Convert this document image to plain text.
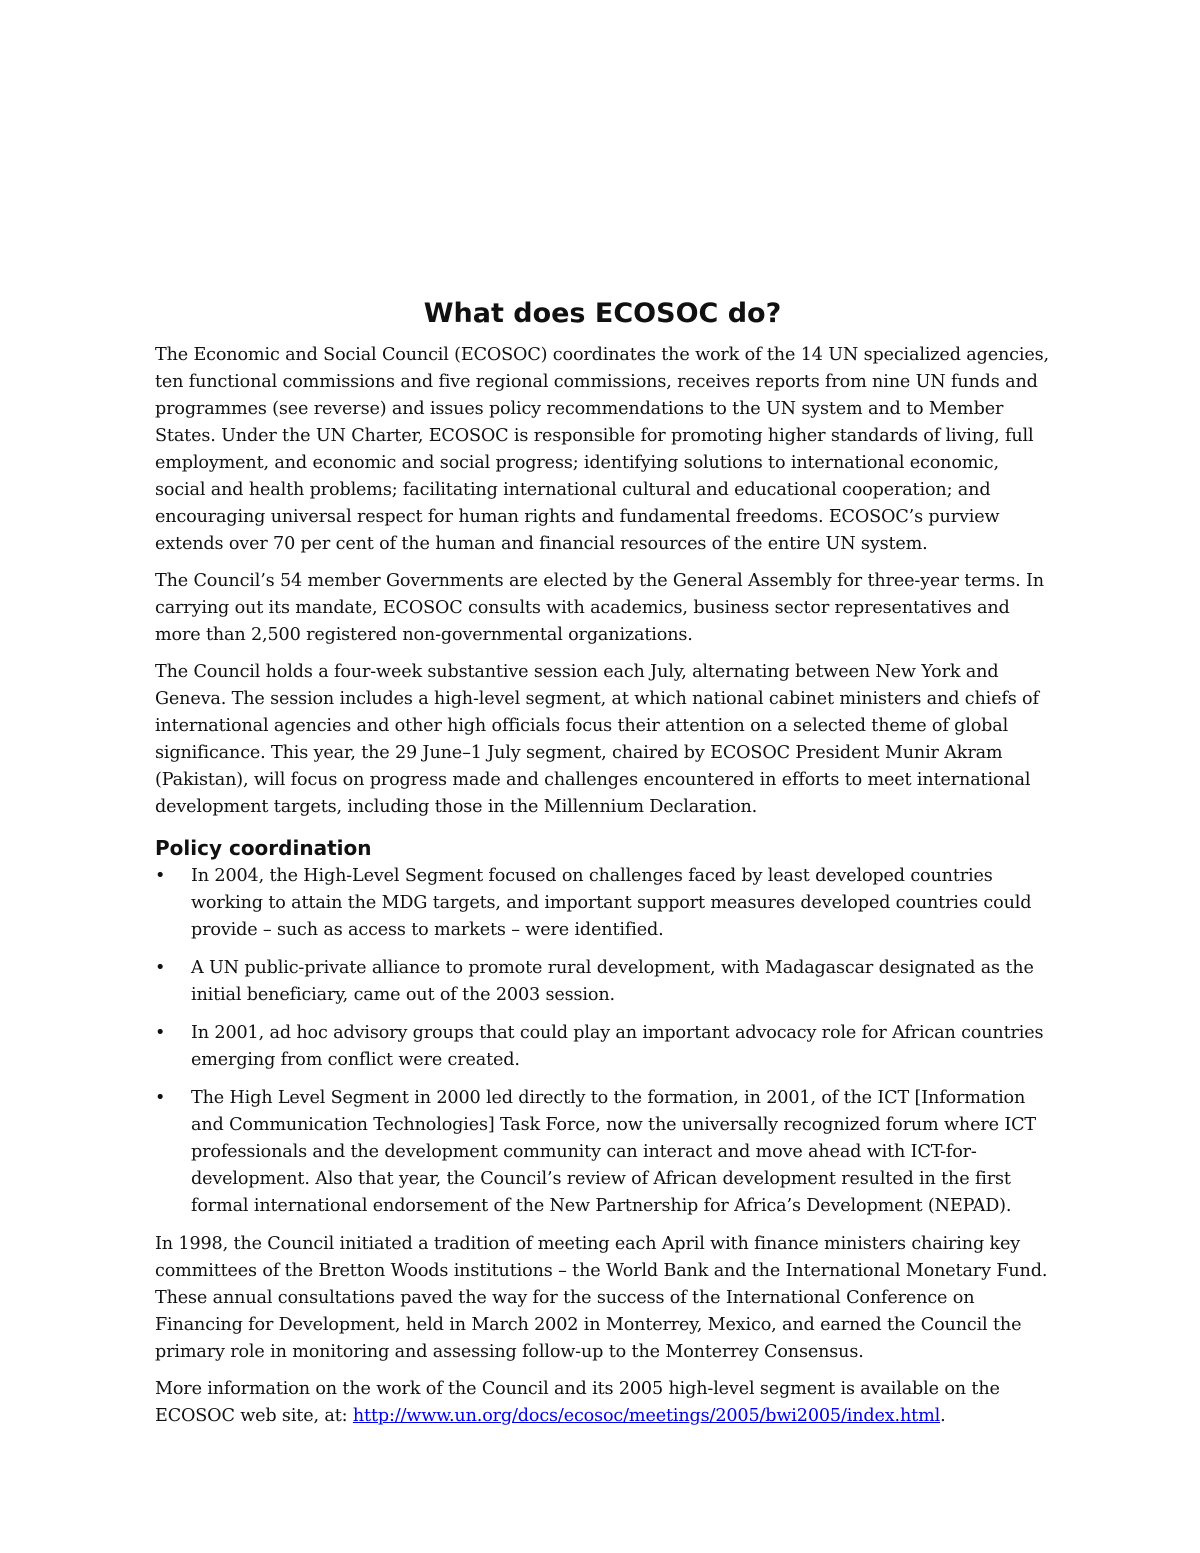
What does ECOSOC do?

The Economic and Social Council (ECOSOC) coordinates the work of the 14 UN specialized agencies, ten functional commissions and five regional commissions, receives reports from nine UN funds and programmes (see reverse) and issues policy recommendations to the UN system and to Member States. Under the UN Charter, ECOSOC is responsible for promoting higher standards of living, full employment, and economic and social progress; identifying solutions to international economic, social and health problems; facilitating international cultural and educational cooperation; and encouraging universal respect for human rights and fundamental freedoms. ECOSOC’s purview extends over 70 per cent of the human and financial resources of the entire UN system.

The Council’s 54 member Governments are elected by the General Assembly for three-year terms. In carrying out its mandate, ECOSOC consults with academics, business sector representatives and more than 2,500 registered non-governmental organizations.

The Council holds a four-week substantive session each July, alternating between New York and Geneva. The session includes a high-level segment, at which national cabinet ministers and chiefs of international agencies and other high officials focus their attention on a selected theme of global significance. This year, the 29 June–1 July segment, chaired by ECOSOC President Munir Akram (Pakistan), will focus on progress made and challenges encountered in efforts to meet international development targets, including those in the Millennium Declaration.

Policy coordination
•	In 2004, the High-Level Segment focused on challenges faced by least developed countries working to attain the MDG targets, and important support measures developed countries could provide – such as access to markets – were identified.
•	A UN public-private alliance to promote rural development, with Madagascar designated as the initial beneficiary, came out of the 2003 session.
•	In 2001, ad hoc advisory groups that could play an important advocacy role for African countries emerging from conflict were created.
•	The High Level Segment in 2000 led directly to the formation, in 2001, of the ICT [Information and Communication Technologies] Task Force, now the universally recognized forum where ICT professionals and the development community can interact and move ahead with ICT-for-development. Also that year, the Council’s review of African development resulted in the first formal international endorsement of the New Partnership for Africa’s Development (NEPAD).

In 1998, the Council initiated a tradition of meeting each April with finance ministers chairing key committees of the Bretton Woods institutions – the World Bank and the International Monetary Fund. These annual consultations paved the way for the success of the International Conference on Financing for Development, held in March 2002 in Monterrey, Mexico, and earned the Council the primary role in monitoring and assessing follow-up to the Monterrey Consensus.

More information on the work of the Council and its 2005 high-level segment is available on the ECOSOC web site, at: http://www.un.org/docs/ecosoc/meetings/2005/bwi2005/index.html.
